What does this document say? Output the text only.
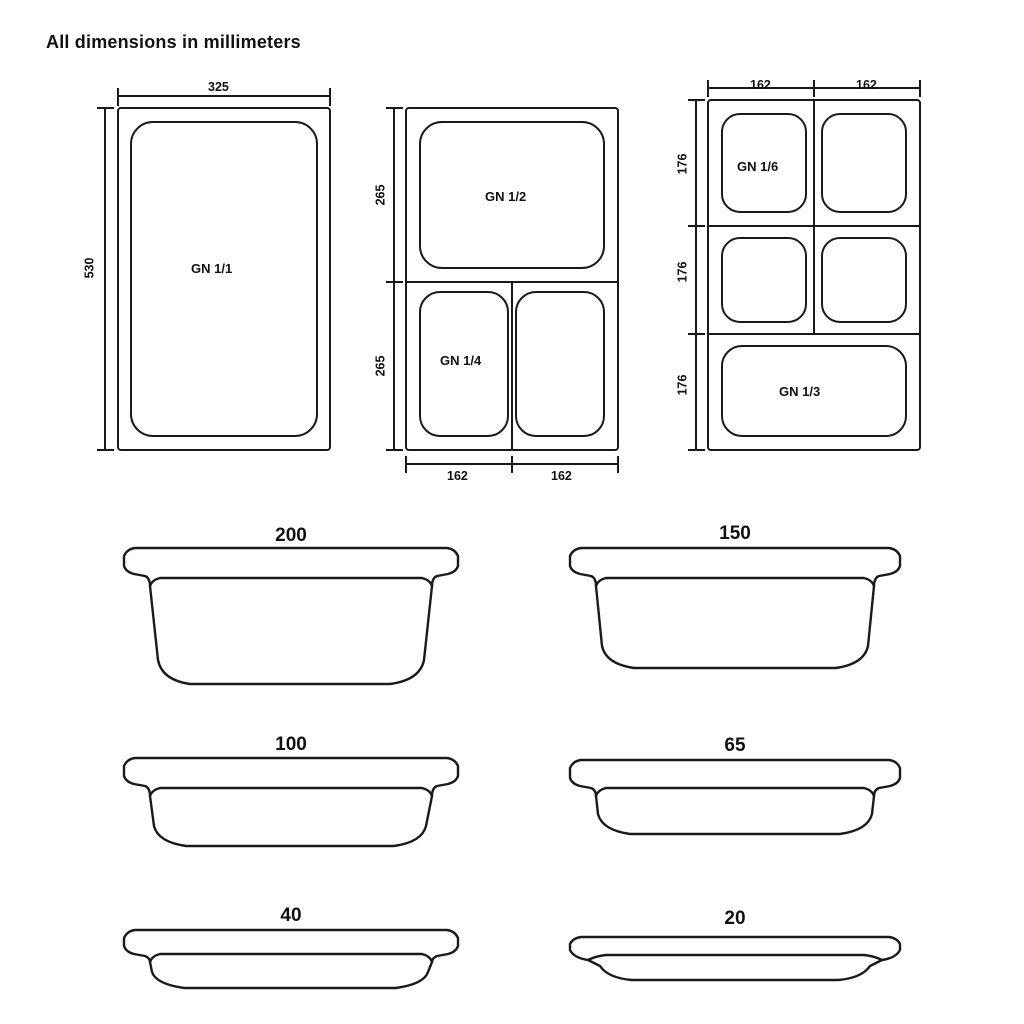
All dimensions in millimeters
GN 1/1
325
530
GN 1/2
GN 1/4
265
265
162	162
GN 1/6
GN 1/3
162	162
176
176
176
200	150
100	65
40	20
